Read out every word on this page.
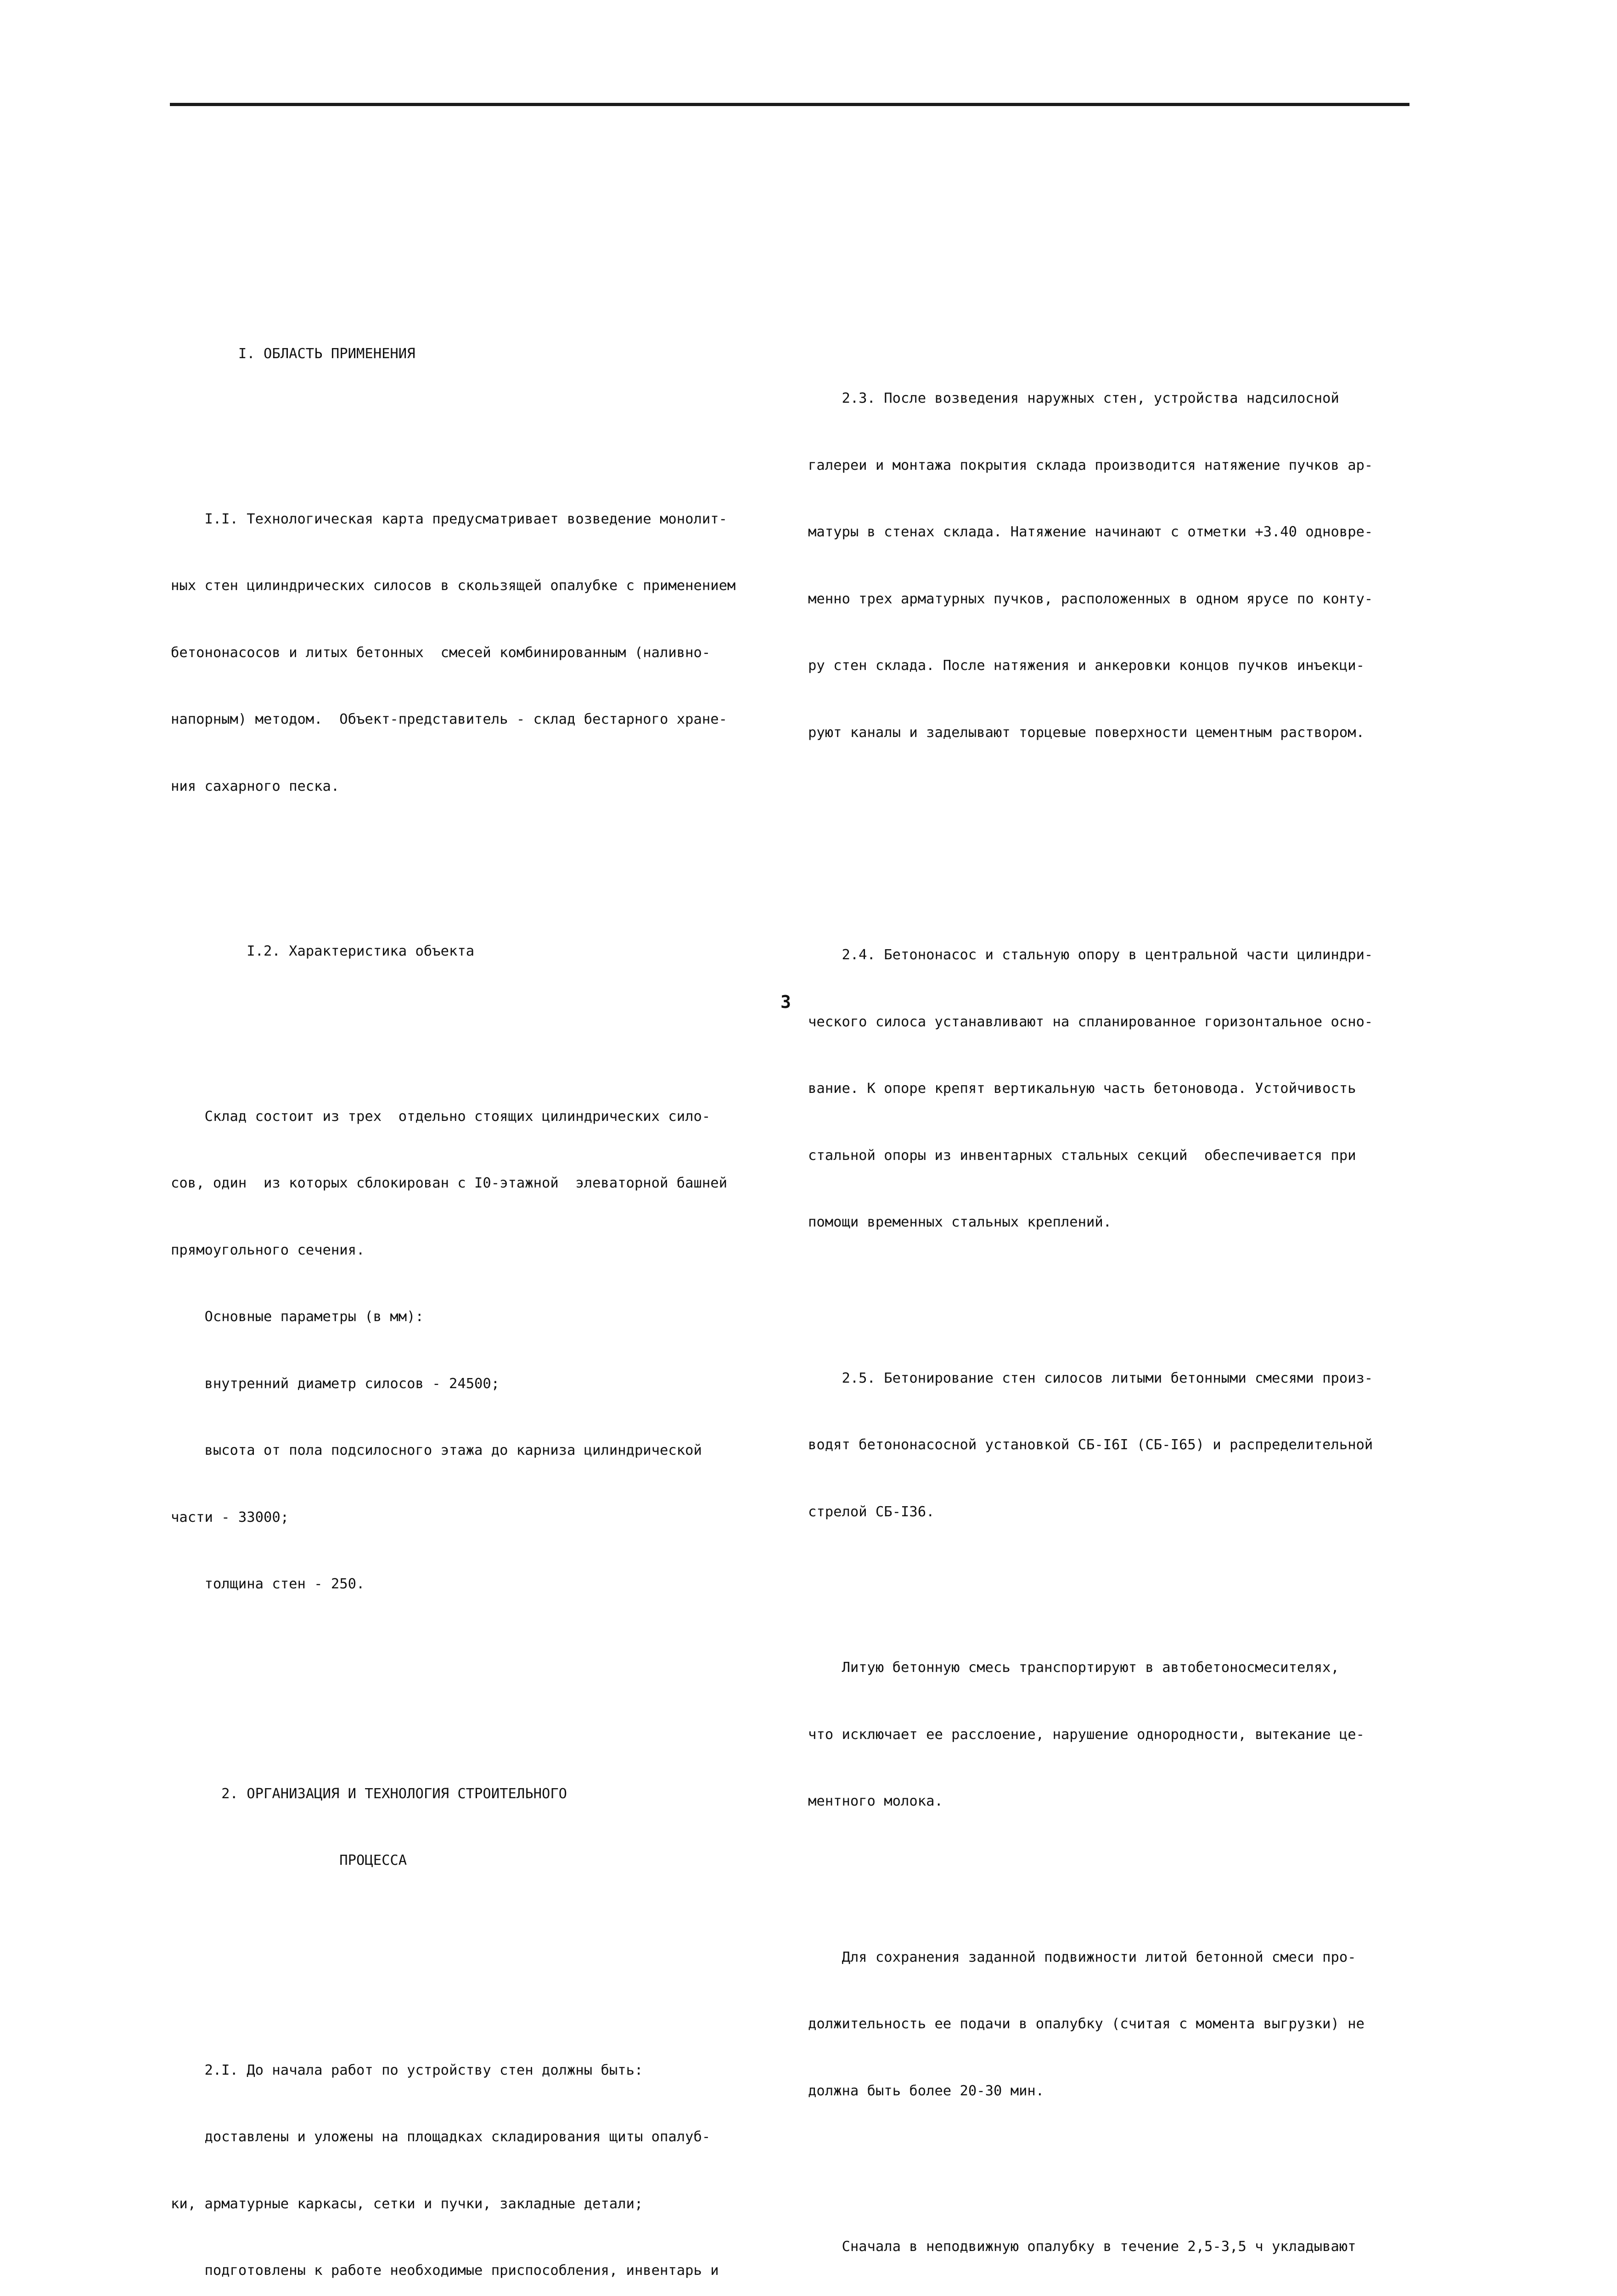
I. ОБЛАСТЬ ПРИМЕНЕНИЯ

I.I. Технологическая карта предусматривает возведение монолит-

ных стен цилиндрических силосов в скользящей опалубке с применением

бетононасосов и литых бетонных  смесей комбинированным (наливно-

напорным) методом.  Объект-представитель - склад бестарного хране-

ния сахарного песка.

I.2. Характеристика объекта

Склад состоит из трех  отдельно стоящих цилиндрических сило-

сов, один  из которых сблокирован с I0-этажной  элеваторной башней

прямоугольного сечения.

Основные параметры (в мм):

внутренний диаметр силосов - 24500;

высота от пола подсилосного этажа до карниза цилиндрической

части - 33000;

толщина стен - 250.

2. ОРГАНИЗАЦИЯ И ТЕХНОЛОГИЯ СТРОИТЕЛЬНОГО

ПРОЦЕССА

2.I. До начала работ по устройству стен должны быть:

доставлены и уложены на площадках складирования щиты опалуб-

ки, арматурные каркасы, сетки и пучки, закладные детали;

подготовлены к работе необходимые приспособления, инвентарь и

2.3. После возведения наружных стен, устройства надсилосной

галереи и монтажа покрытия склада производится натяжение пучков ар-

матуры в стенах склада. Натяжение начинают с отметки +3.40 одновре-

менно трех арматурных пучков, расположенных в одном ярусе по конту-

ру стен склада. После натяжения и анкеровки концов пучков инъекци-

руют каналы и заделывают торцевые поверхности цементным раствором.

2.4. Бетононасос и стальную опору в центральной части цилиндри-

ческого силоса устанавливают на спланированное горизонтальное осно-

вание. К опоре крепят вертикальную часть бетоновода. Устойчивость

стальной опоры из инвентарных стальных секций  обеспечивается при

помощи временных стальных креплений.

2.5. Бетонирование стен силосов литыми бетонными смесями произ-

водят бетононасосной установкой СБ-I6I (СБ-I65) и распределительной

стрелой СБ-I36.

Литую бетонную смесь транспортируют в автобетоносмесителях,

что исключает ее расслоение, нарушение однородности, вытекание це-

ментного молока.

Для сохранения заданной подвижности литой бетонной смеси про-

должительность ее подачи в опалубку (считая с момента выгрузки) не

должна быть более 20-30 мин.

Сначала в неподвижную опалубку в течение 2,5-3,5 ч укладывают

3
